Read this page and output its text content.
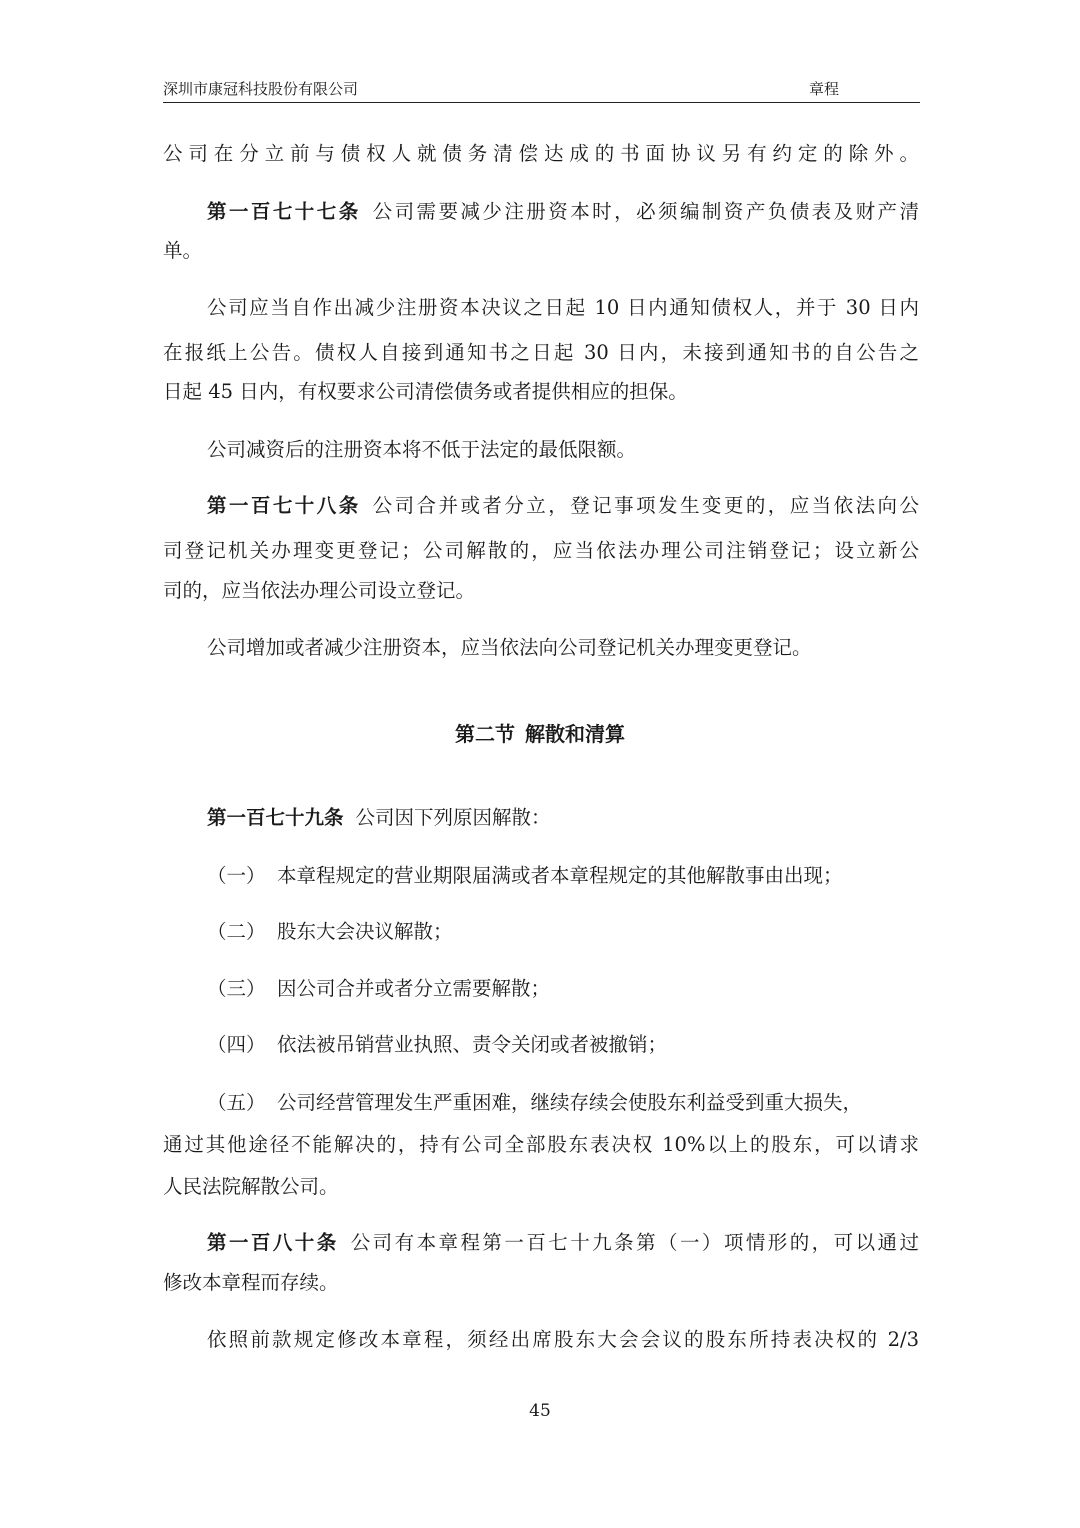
深圳市康冠科技股份有限公司	章程
公司在分立前与债权人就债务清偿达成的书面协议另有约定的除外。
第一百七十七条 公司需要减少注册资本时，必须编制资产负债表及财产清
单。
公司应当自作出减少注册资本决议之日起 10 日内通知债权人，并于 30 日内
在报纸上公告。债权人自接到通知书之日起 30 日内，未接到通知书的自公告之
日起 45 日内，有权要求公司清偿债务或者提供相应的担保。
公司减资后的注册资本将不低于法定的最低限额。
第一百七十八条 公司合并或者分立，登记事项发生变更的，应当依法向公
司登记机关办理变更登记；公司解散的，应当依法办理公司注销登记；设立新公
司的，应当依法办理公司设立登记。
公司增加或者减少注册资本，应当依法向公司登记机关办理变更登记。
第二节 解散和清算
第一百七十九条 公司因下列原因解散：
（一） 本章程规定的营业期限届满或者本章程规定的其他解散事由出现；
（二） 股东大会决议解散；
（三） 因公司合并或者分立需要解散；
（四） 依法被吊销营业执照、责令关闭或者被撤销；
（五） 公司经营管理发生严重困难，继续存续会使股东利益受到重大损失，
通过其他途径不能解决的，持有公司全部股东表决权 10%以上的股东，可以请求
人民法院解散公司。
第一百八十条 公司有本章程第一百七十九条第（一）项情形的，可以通过
修改本章程而存续。
依照前款规定修改本章程，须经出席股东大会会议的股东所持表决权的 2/3
45
